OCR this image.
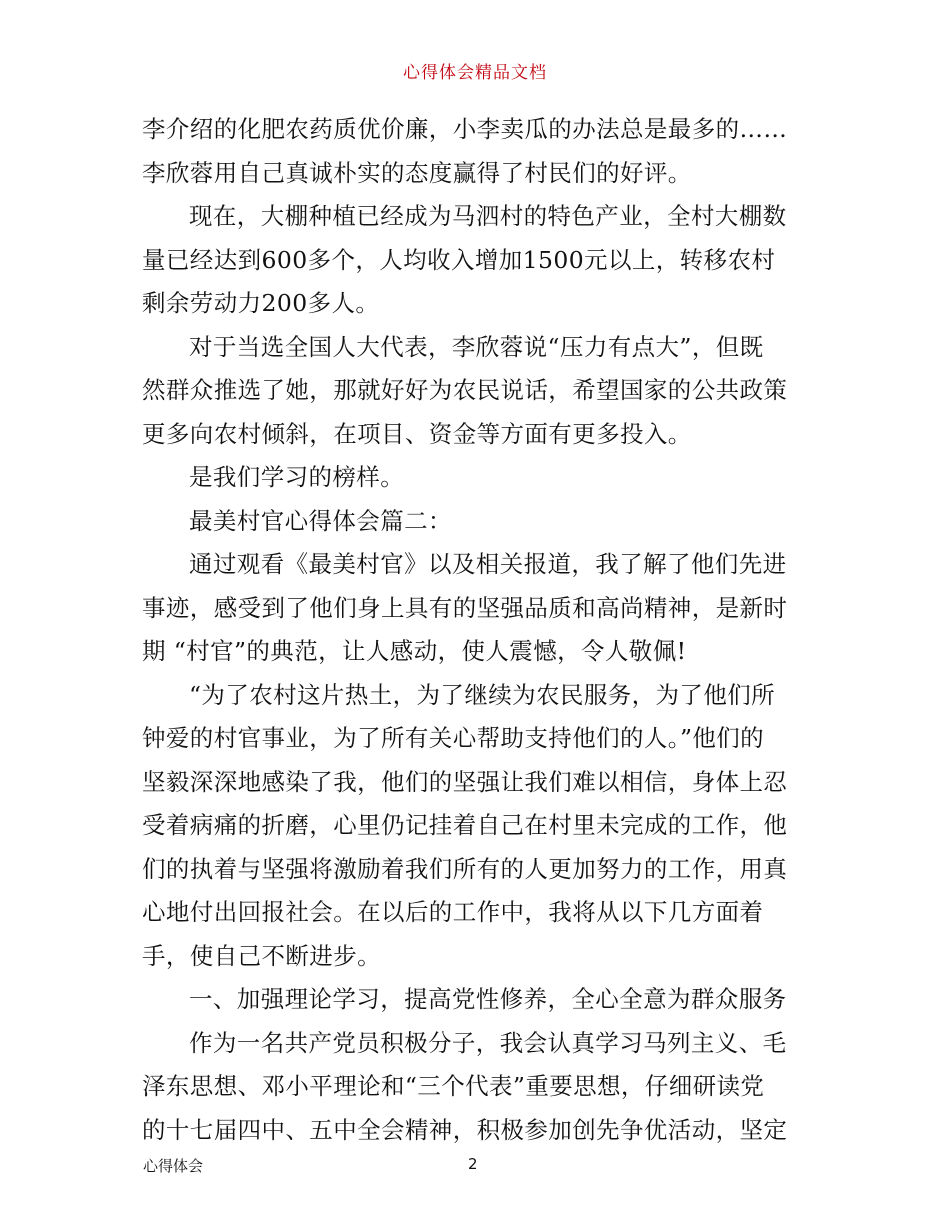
心得体会精品文档

李介绍的化肥农药质优价廉，小李卖瓜的办法总是最多的……

李欣蓉用自己真诚朴实的态度赢得了村民们的好评。

现在，大棚种植已经成为马泗村的特色产业，全村大棚数

量已经达到600多个，人均收入增加1500元以上，转移农村

剩余劳动力200多人。

对于当选全国人大代表，李欣蓉说“压力有点大”，但既

然群众推选了她，那就好好为农民说话，希望国家的公共政策

更多向农村倾斜，在项目、资金等方面有更多投入。

是我们学习的榜样。

最美村官心得体会篇二：

通过观看《最美村官》以及相关报道，我了解了他们先进

事迹，感受到了他们身上具有的坚强品质和高尚精神，是新时

期 “村官”的典范，让人感动，使人震憾，令人敬佩!

“为了农村这片热土，为了继续为农民服务，为了他们所

钟爱的村官事业，为了所有关心帮助支持他们的人。”他们的

坚毅深深地感染了我，他们的坚强让我们难以相信，身体上忍

受着病痛的折磨，心里仍记挂着自己在村里未完成的工作，他

们的执着与坚强将激励着我们所有的人更加努力的工作，用真

心地付出回报社会。在以后的工作中，我将从以下几方面着

手，使自己不断进步。

一、加强理论学习，提高党性修养，全心全意为群众服务

作为一名共产党员积极分子，我会认真学习马列主义、毛

泽东思想、邓小平理论和“三个代表”重要思想，仔细研读党

的十七届四中、五中全会精神，积极参加创先争优活动，坚定

心得体会	2
